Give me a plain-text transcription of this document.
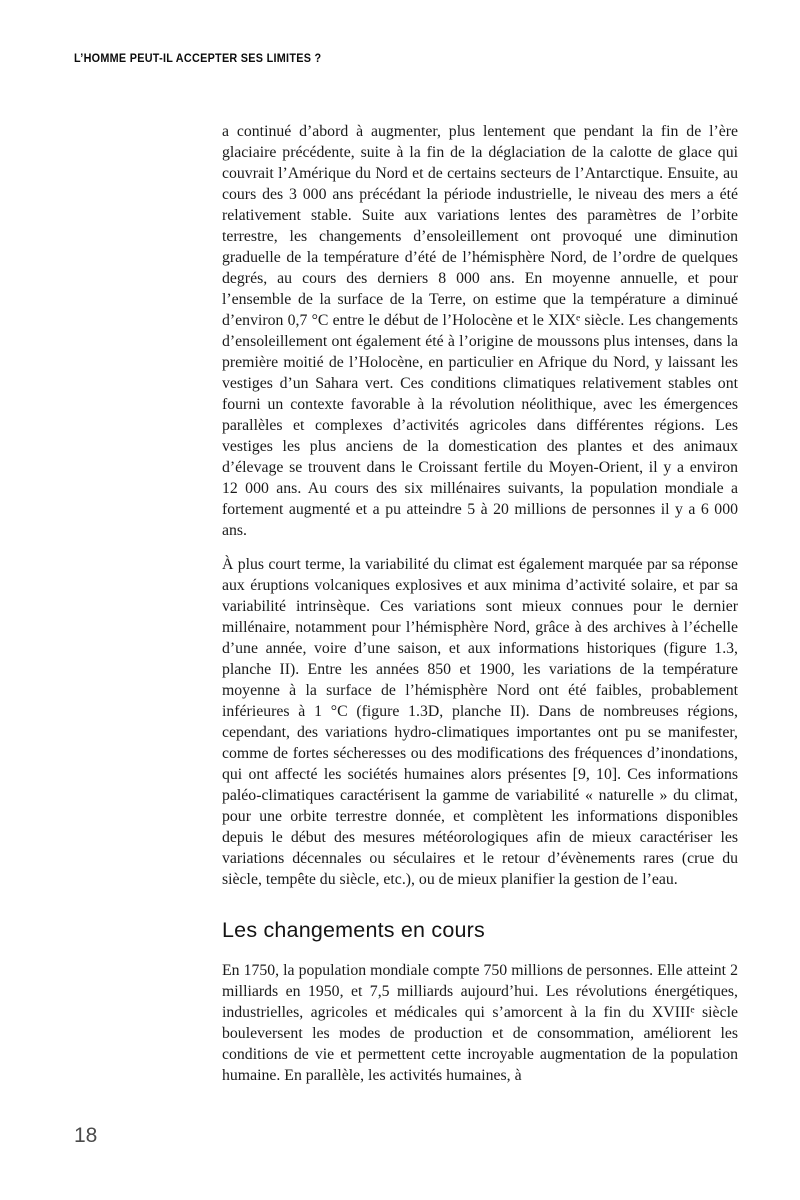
L’HOMME PEUT-IL ACCEPTER SES LIMITES ?

a continué d’abord à augmenter, plus lentement que pendant la fin de l’ère glaciaire précédente, suite à la fin de la déglaciation de la calotte de glace qui couvrait l’Amérique du Nord et de certains secteurs de l’Antarctique. Ensuite, au cours des 3 000 ans précédant la période industrielle, le niveau des mers a été relativement stable. Suite aux variations lentes des paramètres de l’orbite terrestre, les changements d’ensoleillement ont provoqué une diminution graduelle de la température d’été de l’hémisphère Nord, de l’ordre de quelques degrés, au cours des derniers 8 000 ans. En moyenne annuelle, et pour l’ensemble de la surface de la Terre, on estime que la température a diminué d’environ 0,7 °C entre le début de l’Holocène et le XIXᵉ siècle. Les changements d’ensoleillement ont également été à l’origine de moussons plus intenses, dans la première moitié de l’Holocène, en particulier en Afrique du Nord, y laissant les vestiges d’un Sahara vert. Ces conditions climatiques relativement stables ont fourni un contexte favorable à la révolution néolithique, avec les émergences parallèles et complexes d’activités agricoles dans différentes régions. Les vestiges les plus anciens de la domestication des plantes et des animaux d’élevage se trouvent dans le Croissant fertile du Moyen-Orient, il y a environ 12 000 ans. Au cours des six millénaires suivants, la population mondiale a fortement augmenté et a pu atteindre 5 à 20 millions de personnes il y a 6 000 ans.

À plus court terme, la variabilité du climat est également marquée par sa réponse aux éruptions volcaniques explosives et aux minima d’activité solaire, et par sa variabilité intrinsèque. Ces variations sont mieux connues pour le dernier millénaire, notamment pour l’hémisphère Nord, grâce à des archives à l’échelle d’une année, voire d’une saison, et aux informations historiques (figure 1.3, planche II). Entre les années 850 et 1900, les variations de la température moyenne à la surface de l’hémisphère Nord ont été faibles, probablement inférieures à 1 °C (figure 1.3D, planche II). Dans de nombreuses régions, cependant, des variations hydro-climatiques importantes ont pu se manifester, comme de fortes sécheresses ou des modifications des fréquences d’inondations, qui ont affecté les sociétés humaines alors présentes [9, 10]. Ces informations paléo-climatiques caractérisent la gamme de variabilité « naturelle » du climat, pour une orbite terrestre donnée, et complètent les informations disponibles depuis le début des mesures météorologiques afin de mieux caractériser les variations décennales ou séculaires et le retour d’évènements rares (crue du siècle, tempête du siècle, etc.), ou de mieux planifier la gestion de l’eau.

Les changements en cours

En 1750, la population mondiale compte 750 millions de personnes. Elle atteint 2 milliards en 1950, et 7,5 milliards aujourd’hui. Les révolutions énergétiques, industrielles, agricoles et médicales qui s’amorcent à la fin du XVIIIᵉ siècle bouleversent les modes de production et de consommation, améliorent les conditions de vie et permettent cette incroyable augmentation de la population humaine. En parallèle, les activités humaines, à

18
